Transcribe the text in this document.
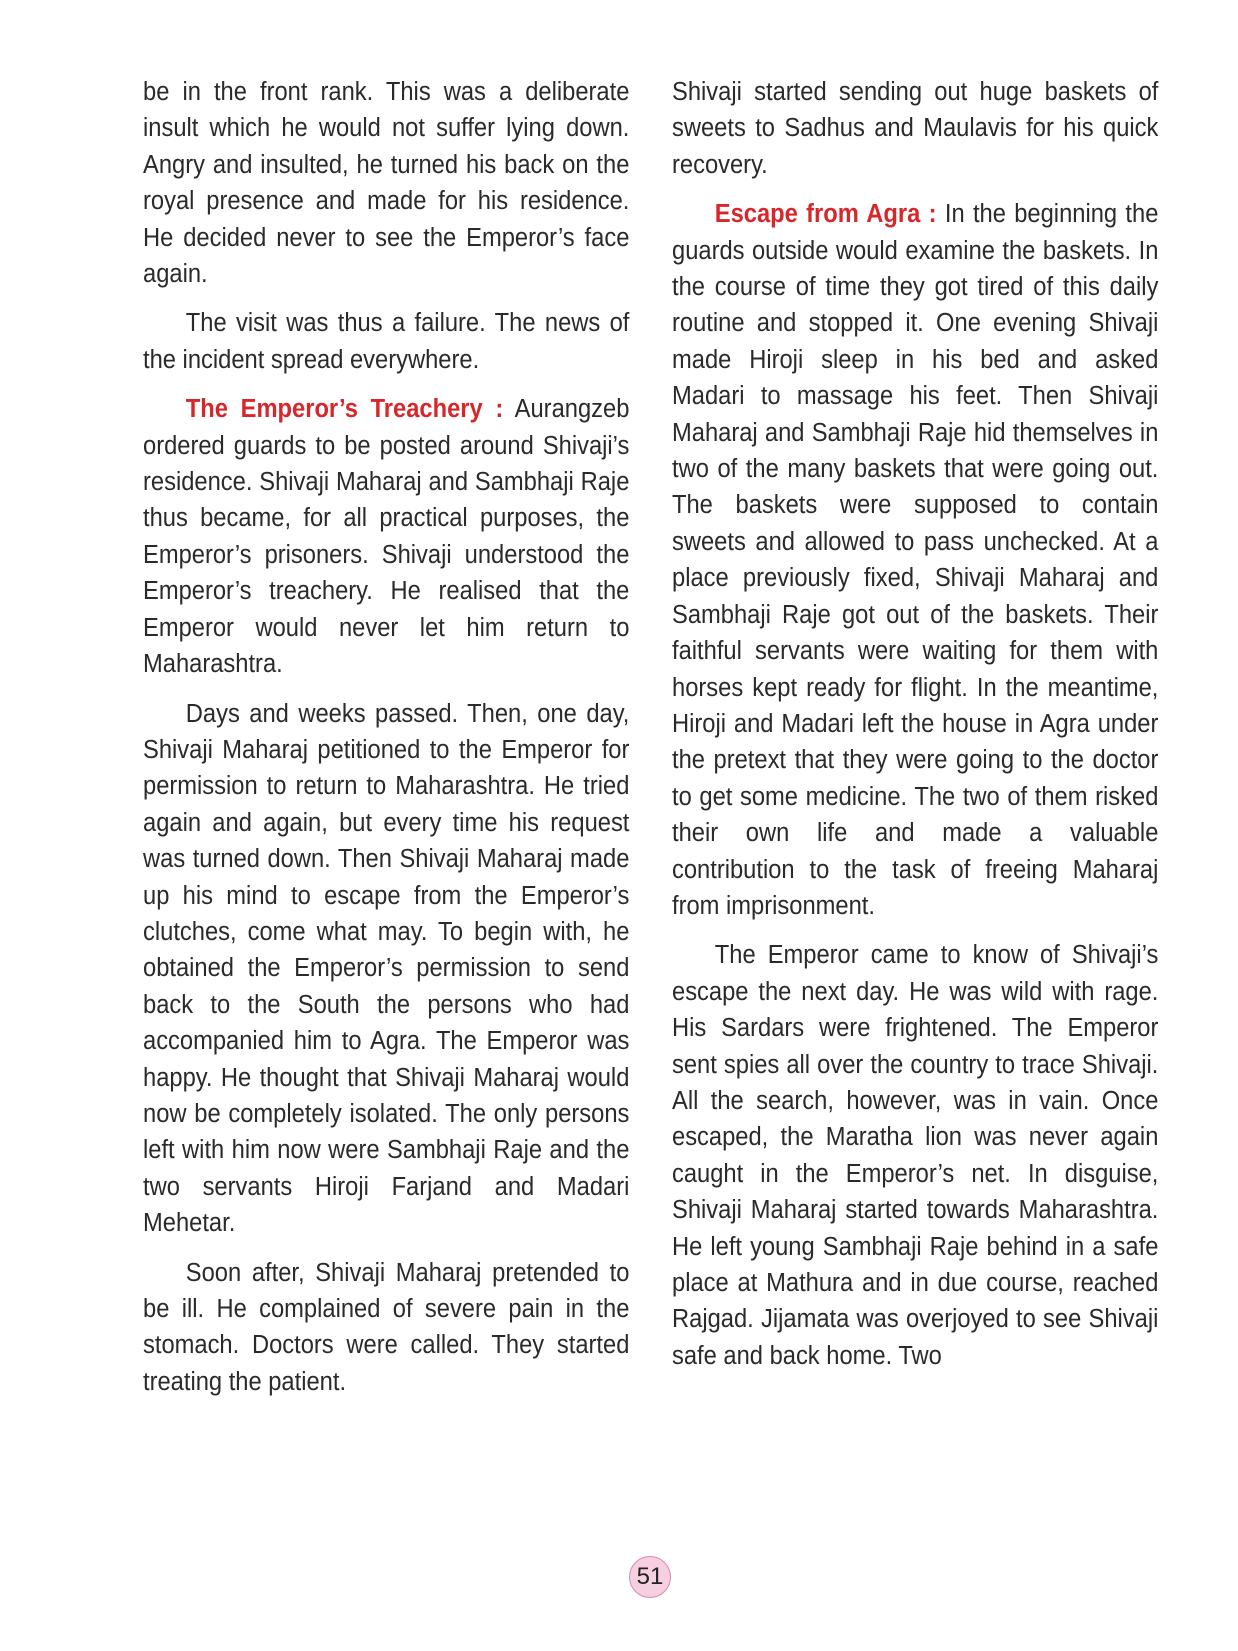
be in the front rank. This was a deliberate insult which he would not suffer lying down. Angry and insulted, he turned his back on the royal presence and made for his residence. He decided never to see the Emperor’s face again.

The visit was thus a failure. The news of the incident spread everywhere.

The Emperor’s Treachery : Aurangzeb ordered guards to be posted around Shivaji’s residence. Shivaji Maharaj and Sambhaji Raje thus became, for all practical purposes, the Emperor’s prisoners. Shivaji understood the Emperor’s treachery. He realised that the Emperor would never let him return to Maharashtra.

Days and weeks passed. Then, one day, Shivaji Maharaj petitioned to the Emperor for permission to return to Maharashtra. He tried again and again, but every time his request was turned down. Then Shivaji Maharaj made up his mind to escape from the Emperor’s clutches, come what may. To begin with, he obtained the Emperor’s permission to send back to the South the persons who had accompanied him to Agra. The Emperor was happy. He thought that Shivaji Maharaj would now be completely isolated. The only persons left with him now were Sambhaji Raje and the two servants Hiroji Farjand and Madari Mehetar.

Soon after, Shivaji Maharaj pretended to be ill. He complained of severe pain in the stomach. Doctors were called. They started treating the patient.

Shivaji started sending out huge baskets of sweets to Sadhus and Maulavis for his quick recovery.

Escape from Agra : In the beginning the guards outside would examine the baskets. In the course of time they got tired of this daily routine and stopped it. One evening Shivaji made Hiroji sleep in his bed and asked Madari to massage his feet. Then Shivaji Maharaj and Sambhaji Raje hid themselves in two of the many baskets that were going out. The baskets were supposed to contain sweets and allowed to pass unchecked. At a place previously fixed, Shivaji Maharaj and Sambhaji Raje got out of the baskets. Their faithful servants were waiting for them with horses kept ready for flight. In the meantime, Hiroji and Madari left the house in Agra under the pretext that they were going to the doctor to get some medicine. The two of them risked their own life and made a valuable contribution to the task of freeing Maharaj from imprisonment.

The Emperor came to know of Shivaji’s escape the next day. He was wild with rage. His Sardars were frightened. The Emperor sent spies all over the country to trace Shivaji. All the search, however, was in vain. Once escaped, the Maratha lion was never again caught in the Emperor’s net. In disguise, Shivaji Maharaj started towards Maharashtra. He left young Sambhaji Raje behind in a safe place at Mathura and in due course, reached Rajgad. Jijamata was overjoyed to see Shivaji safe and back home. Two

51
